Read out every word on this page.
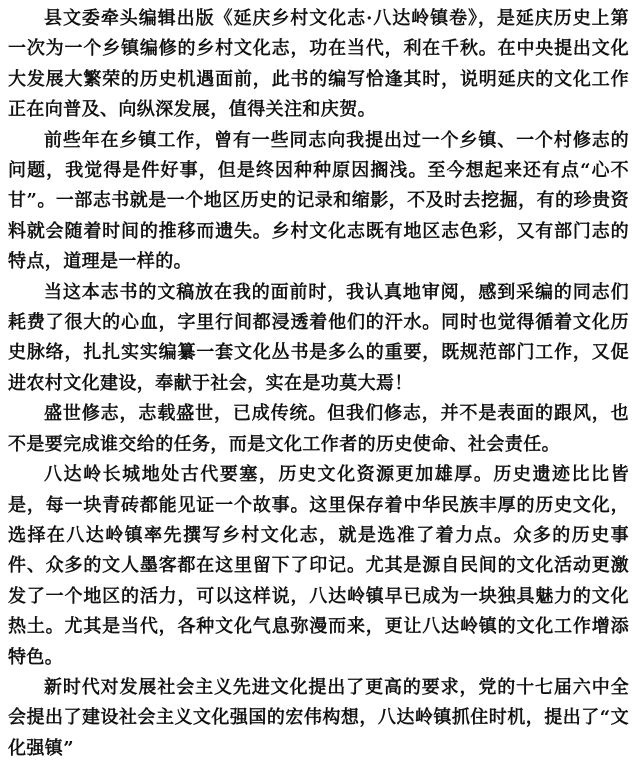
县文委牵头编辑出版《延庆乡村文化志·八达岭镇卷》，是延庆历史上第一次为一个乡镇编修的乡村文化志，功在当代，利在千秋。在中央提出文化大发展大繁荣的历史机遇面前，此书的编写恰逢其时，说明延庆的文化工作正在向普及、向纵深发展，值得关注和庆贺。

前些年在乡镇工作，曾有一些同志向我提出过一个乡镇、一个村修志的问题，我觉得是件好事，但是终因种种原因搁浅。至今想起来还有点“心不甘”。一部志书就是一个地区历史的记录和缩影，不及时去挖掘，有的珍贵资料就会随着时间的推移而遗失。乡村文化志既有地区志色彩，又有部门志的特点，道理是一样的。

当这本志书的文稿放在我的面前时，我认真地审阅，感到采编的同志们耗费了很大的心血，字里行间都浸透着他们的汗水。同时也觉得循着文化历史脉络，扎扎实实编纂一套文化丛书是多么的重要，既规范部门工作，又促进农村文化建设，奉献于社会，实在是功莫大焉！

盛世修志，志载盛世，已成传统。但我们修志，并不是表面的跟风，也不是要完成谁交给的任务，而是文化工作者的历史使命、社会责任。

八达岭长城地处古代要塞，历史文化资源更加雄厚。历史遗迹比比皆是，每一块青砖都能见证一个故事。这里保存着中华民族丰厚的历史文化，选择在八达岭镇率先撰写乡村文化志，就是选准了着力点。众多的历史事件、众多的文人墨客都在这里留下了印记。尤其是源自民间的文化活动更激发了一个地区的活力，可以这样说，八达岭镇早已成为一块独具魅力的文化热土。尤其是当代，各种文化气息弥漫而来，更让八达岭镇的文化工作增添特色。

新时代对发展社会主义先进文化提出了更高的要求，党的十七届六中全会提出了建设社会主义文化强国的宏伟构想，八达岭镇抓住时机，提出了“文化强镇”
